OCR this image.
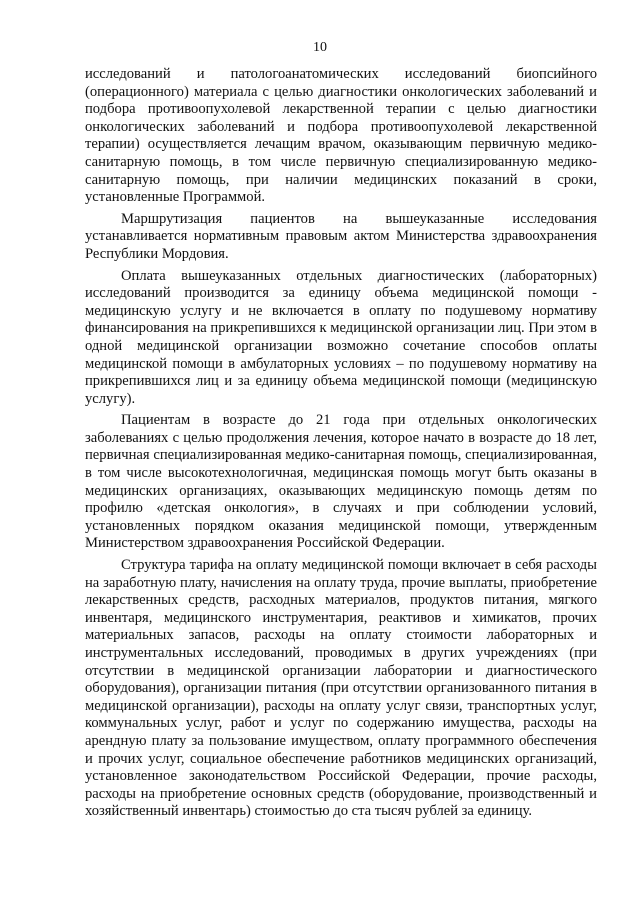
10

исследований и патологоанатомических исследований биопсийного (операционного) материала с целью диагностики онкологических заболеваний и подбора противоопухолевой лекарственной терапии с целью диагностики онкологических заболеваний и подбора противоопухолевой лекарственной терапии) осуществляется лечащим врачом, оказывающим первичную медико-санитарную помощь, в том числе первичную специализированную медико-санитарную помощь, при наличии медицинских показаний в сроки, установленные Программой.

Маршрутизация пациентов на вышеуказанные исследования устанавливается нормативным правовым актом Министерства здравоохранения Республики Мордовия.

Оплата вышеуказанных отдельных диагностических (лабораторных) исследований производится за единицу объема медицинской помощи - медицинскую услугу и не включается в оплату по подушевому нормативу финансирования на прикрепившихся к медицинской организации лиц. При этом в одной медицинской организации возможно сочетание способов оплаты медицинской помощи в амбулаторных условиях – по подушевому нормативу на прикрепившихся лиц и за единицу объема медицинской помощи (медицинскую услугу).

Пациентам в возрасте до 21 года при отдельных онкологических заболеваниях с целью продолжения лечения, которое начато в возрасте до 18 лет, первичная специализированная медико-санитарная помощь, специализированная, в том числе высокотехнологичная, медицинская помощь могут быть оказаны в медицинских организациях, оказывающих медицинскую помощь детям по профилю «детская онкология», в случаях и при соблюдении условий, установленных порядком оказания медицинской помощи, утвержденным Министерством здравоохранения Российской Федерации.

Структура тарифа на оплату медицинской помощи включает в себя расходы на заработную плату, начисления на оплату труда, прочие выплаты, приобретение лекарственных средств, расходных материалов, продуктов питания, мягкого инвентаря, медицинского инструментария, реактивов и химикатов, прочих материальных запасов, расходы на оплату стоимости лабораторных и инструментальных исследований, проводимых в других учреждениях (при отсутствии в медицинской организации лаборатории и диагностического оборудования), организации питания (при отсутствии организованного питания в медицинской организации), расходы на оплату услуг связи, транспортных услуг, коммунальных услуг, работ и услуг по содержанию имущества, расходы на арендную плату за пользование имуществом, оплату программного обеспечения и прочих услуг, социальное обеспечение работников медицинских организаций, установленное законодательством Российской Федерации, прочие расходы, расходы на приобретение основных средств (оборудование, производственный и хозяйственный инвентарь) стоимостью до ста тысяч рублей за единицу.
